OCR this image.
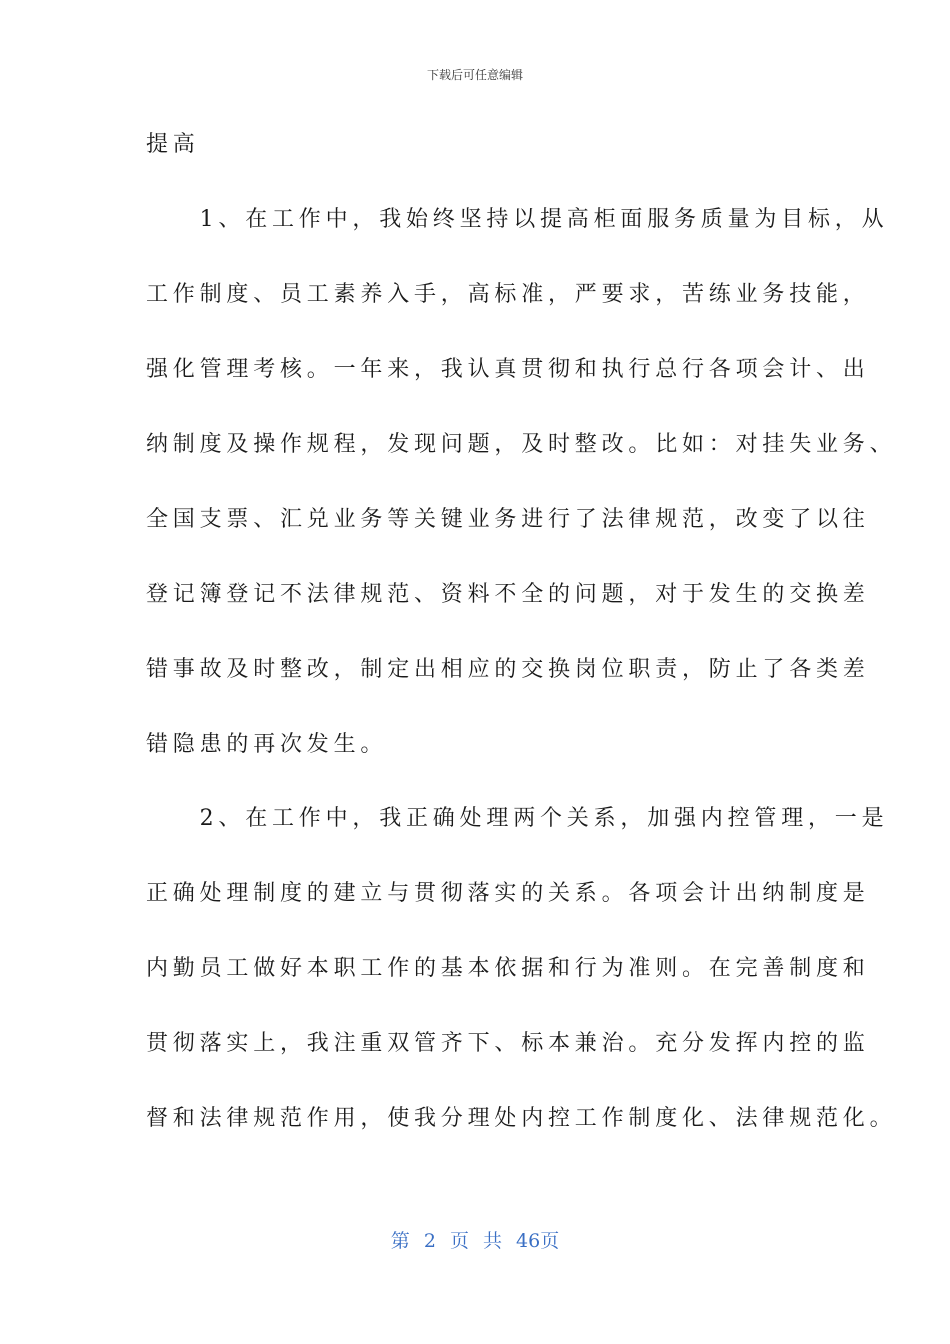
下载后可任意编辑
提高
　　1、在工作中，我始终坚持以提高柜面服务质量为目标，从
工作制度、员工素养入手，高标准，严要求，苦练业务技能，
强化管理考核。一年来，我认真贯彻和执行总行各项会计、出
纳制度及操作规程，发现问题，及时整改。比如：对挂失业务、
全国支票、汇兑业务等关键业务进行了法律规范，改变了以往
登记簿登记不法律规范、资料不全的问题，对于发生的交换差
错事故及时整改，制定出相应的交换岗位职责，防止了各类差
错隐患的再次发生。
　　2、在工作中，我正确处理两个关系，加强内控管理，一是
正确处理制度的建立与贯彻落实的关系。各项会计出纳制度是
内勤员工做好本职工作的基本依据和行为准则。在完善制度和
贯彻落实上，我注重双管齐下、标本兼治。充分发挥内控的监
督和法律规范作用，使我分理处内控工作制度化、法律规范化。
第 2 页 共 46页
